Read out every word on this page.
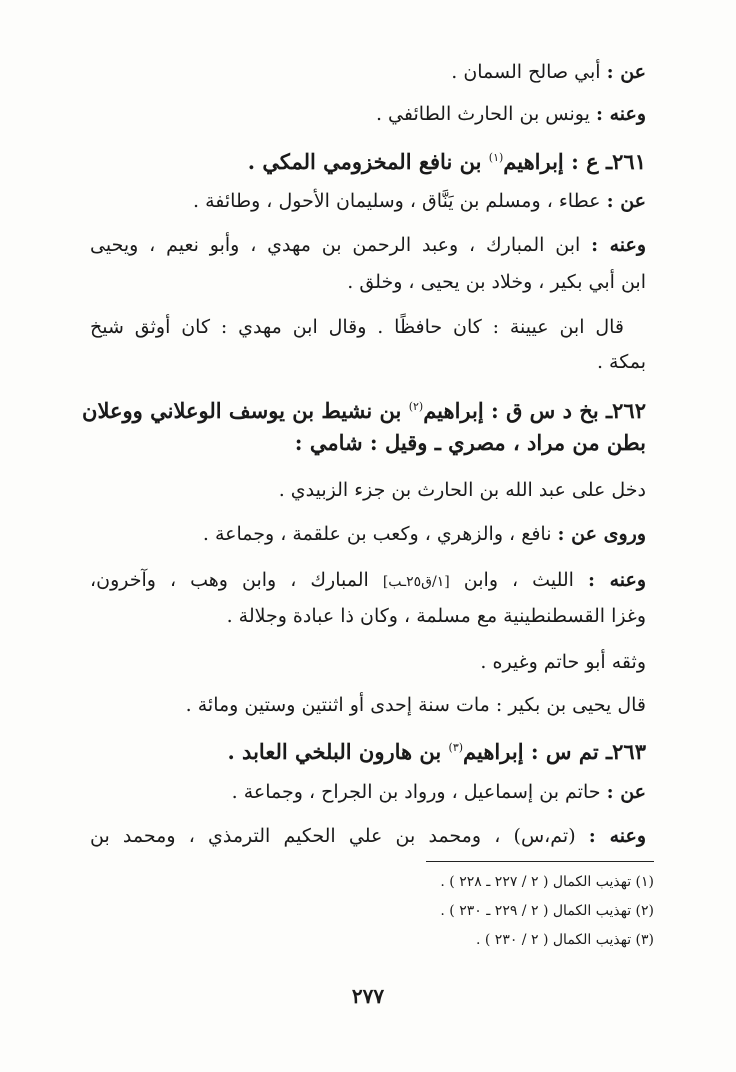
عن : أبي صالح السمان .
وعنه : يونس بن الحارث الطائفي .
٢٦١ـ ع : إبراهيم$^{(١)}$ بن نافع المخزومي المكي .
عن : عطاء ، ومسلم بن يَنَّاق ، وسليمان الأحول ، وطائفة .
وعنه : ابن المبارك ، وعبد الرحمن بن مهدي ، وأبو نعيم ، ويحيى
ابن أبي بكير ، وخلاد بن يحيى ، وخلق .
قال ابن عيينة : كان حافظًا . وقال ابن مهدي : كان أوثق شيخ
بمكة .
٢٦٢ـ بخ د س ق : إبراهيم$^{(٢)}$ بن نشيط بن يوسف الوعلاني ووعلان
بطن من مراد ، مصري ـ وقيل : شامي :
دخل على عبد الله بن الحارث بن جزء الزبيدي .
وروى عن : نافع ، والزهري ، وكعب بن علقمة ، وجماعة .
وعنه : الليث ، وابن [١/ق٢٥ـب] المبارك ، وابن وهب ، وآخرون،
وغزا القسطنطينية مع مسلمة ، وكان ذا عبادة وجلالة .
وثقه أبو حاتم وغيره .
قال يحيى بن بكير : مات سنة إحدى أو اثنتين وستين ومائة .
٢٦٣ـ تم س : إبراهيم$^{(٣)}$ بن هارون البلخي العابد .
عن : حاتم بن إسماعيل ، ورواد بن الجراح ، وجماعة .
وعنه : (تم،س) ، ومحمد بن علي الحكيم الترمذي ، ومحمد بن
(١) تهذيب الكمال ( ٢ / ٢٢٧ ـ ٢٢٨ ) .
(٢) تهذيب الكمال ( ٢ / ٢٢٩ ـ ٢٣٠ ) .
(٣) تهذيب الكمال ( ٢ / ٢٣٠ ) .
٢٧٧
